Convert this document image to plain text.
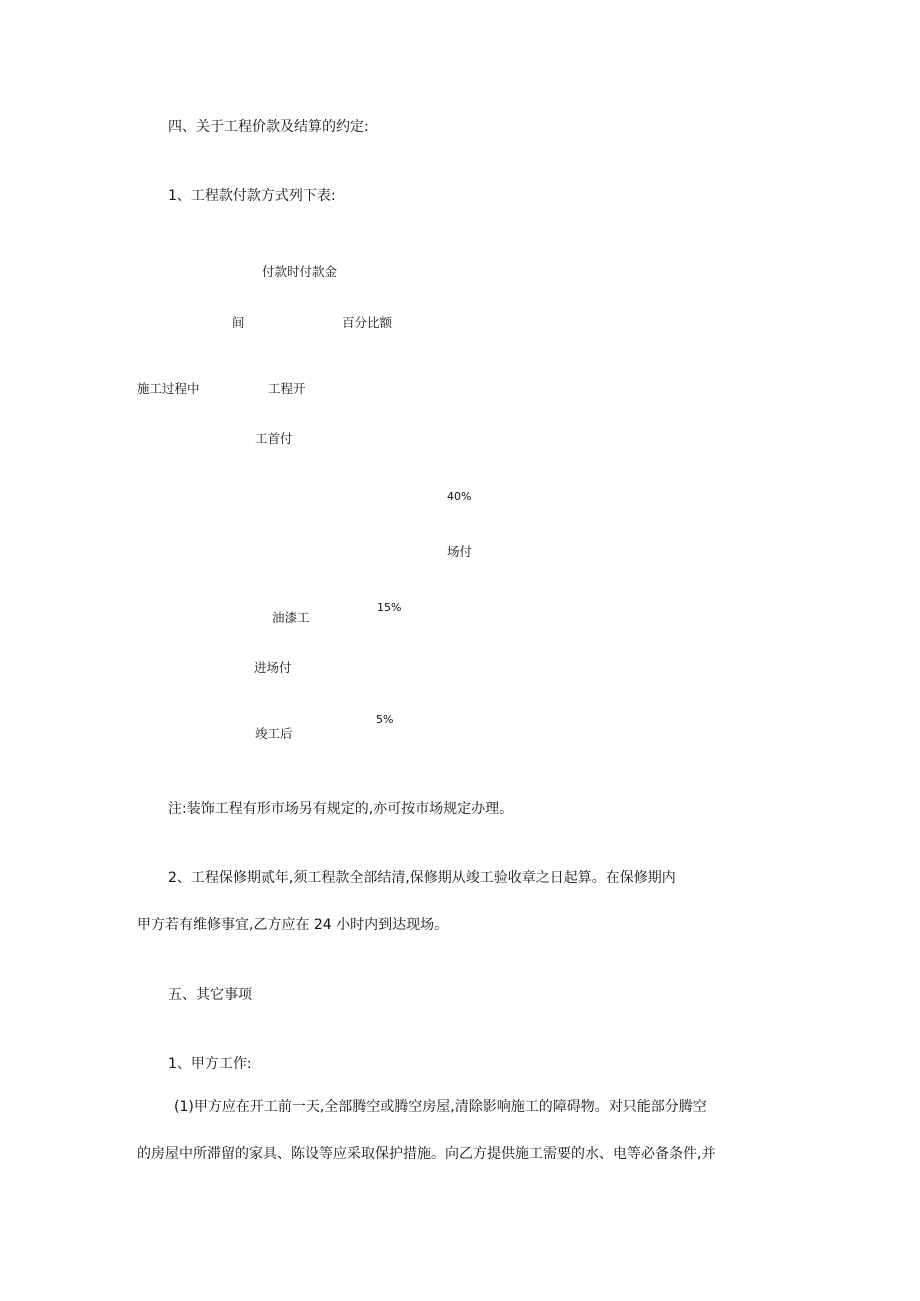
四、关于工程价款及结算的约定:
1、工程款付款方式列下表:
付款时付款金
间	百分比额
施工过程中	工程开
工首付
40%
场付
15%
油漆工
进场付
5%
竣工后
注:装饰工程有形市场另有规定的,亦可按市场规定办理。
2、工程保修期贰年,须工程款全部结清,保修期从竣工验收章之日起算。在保修期内
甲方若有维修事宜,乙方应在 24 小时内到达现场。
五、其它事项
1、甲方工作:
(1)甲方应在开工前一天,全部腾空或腾空房屋,清除影响施工的障碍物。对只能部分腾空
的房屋中所滞留的家具、陈设等应采取保护措施。向乙方提供施工需要的水、电等必备条件,并
